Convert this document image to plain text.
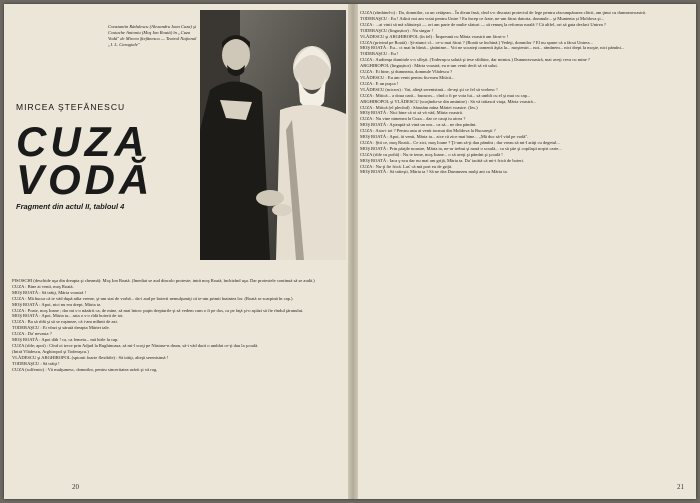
Constantin Rădulescu (Alexandru Ioan Cuza) şi Costache Antoniu (Moş Ion Roată) în „Cuza Vodă" de Mircea Ştefănescu — Teatrul Naţional „I. L. Caragiale"
MIRCEA ŞTEFĂNESCU
CUZA
VODĂ
Fragment din actul II, tabloul 4

PISOSCHI (deschide uşa din dreapta şi cheamă): Moş Ion Roată. (Imediat se aud dincolo proteste; intră moş Roată, închizînd uşa. Dar protestele continuă să se audă.)

CUZA : Bine ai venit, moş Roată.

MOŞ ROATĂ : Să trăiţi, Măria voastră !

CUZA : Mă bucur că te văd după atîta vreme, şi-am stat de vorbă... da-i aud pe boierii nemulţumiţi că te-am primit înaintea lor. (Roată se scarpină în cap.)

MOŞ ROATĂ : Apoi, nici nu era drept, Măria ta.

CUZA : Poate, moş Ioane ; dar mi s-o năzărit ca, de mine, să mai întorc puţin drepturile şi să vedem cum o fi pe dos, ca pe faţă şi-o aştăzi să fie rîndul ţăranului.

MOŞ ROATĂ : Apoi, Măria ta... asta o s-o rîdă boierii de tot.

CUZA : Ba să rîdă şi să se ruşineze, că i-am mîhnit de azi.

TODERAŞCU : Ei vînzi şi sărută dreapta Măriei tale.

CUZA : Da' nevasta ?

MOŞ ROATĂ : Apoi dăh ! ca, ca femeia... mă birle la cap.

CUZA (rîde; apoi) : Cînd oi trece prin Adjud la Rughinoasa, să mi-l scoţi pe Năstase-n drum, să-i văd dacă o umblat ce-ţi dau la şcoală.

(Intră Vlădescu, Arghiropol şi Toderaşcu.)

VLĂDESCU şi ARGHIROPOL (spionii foarte flexibile) : Să trăiţi, alteţă serenisimă !

TODERAŞCU : Să trăiţi !

CUZA (solfernic) : Vă mulţumesc, domnilor, pentru sinceritatea urării şi vă rog.

20

CUZA (zîmbind-o) : Da, domnilor, ca un cetăţean... În divan însă, cînd s-o discutat proiectul de lege pentru răscumpărarea clăcii, am ţinut cu dumneavoastră.

TODERAŞCU : Eu ! Adică noi am votat pentru Unire ! Eu încep ce frate, ne-am făcut datoria, domnule... şi Muntenia și Moldova şi...

CUZA : ...ai vinit să mă sfătuieşti — ori am parte de multe sfaturi — să renunţ la reforma rurală ? Că altfel, ori să gata desfaci Unirea ?

TODERAŞCU (lingușitor) : Nu singur !

VLĂDESCU şi ARGHIROPOL (în fel) : Împreună cu Măria voastră am făcut-o !

CUZA (privind pe Roată) : Şi-atunci cî... ce-o mai făcut ? (Roată se închină.) Vedeţi, domnilor ? El nu spune că a făcut Unirea...

MOŞ ROATĂ : Eu... ci mai în bîrnă... ţărănime... Voi ne scoateţi oamenii ăştia la... moşteniri... noi... rămînem... nici drept la moşie, nici pămînt...

TODERAŞCU : Eu !

CUZA : Audienţa dumitale s-o sfîrşit. (Toderaşcu salută şi iese sfidător, dar minios.) Dumneavoastră, mai aveţi ceva cu mine ?

ARGHIROPOL (lingușitor) : Măria voastră, eu n-am venit decît să vă salut.

CUZA : Ei bine, şi dumneata, domnule Vlădescu ?

VLĂDESCU : Eu am venit pentru fiu-meu Mitică...

CUZA : E un puşca !

VLĂDESCU (micros) : Vai, alteţă serenisimă... de-aşi şti ce fel să vorbesc !

CUZA : Mitică... a doua oară... bucuros... cînd o fi pe voia lui... să umbli cu el şi mai cu cap...

ARGHIROPOL şi VLĂDESCU (scoţîndu-se din amintire) : Să vă trăiască viaţa, Măria voastră...

CUZA : Mitică (el plecînd) : Sărutăm mîna Măriei voastre. (Ies.)

MOŞ ROATĂ : Nici bine că oi să vă văd, Măria voastră.

CUZA : Nu vine nimenea la Cuza... dar ce cauţi tu aicea ?

MOŞ ROATĂ : Aşteaptă să vină un om... ca să... ne dea pămînt.

CUZA : Asta-i tot ? Pentru asta ai venit tocmai din Moldova la Bucureşti ?

MOŞ ROATĂ : Apoi, ăi venit, Măria ta... zice că zice mai bine... „Mă duc să-l văd pe vodă".

CUZA : Ştii ce, moş Roată... Ce zici, moş Ioane ? Ţi-am să-ţi dau pămînt ; dar vreau să mi-l arăţi cu degetul...

MOŞ ROATĂ : Prin părţile noastre, Măria ta, ne-ar trebui şi nouă o scoală... ca să ştie şi copilaşii noştri carte...

CUZA (rîde cu poftă) : Nu te teme, moş Ioane... o să aveţi şi pămînt şi şcoală !

MOŞ ROATĂ : Iaca ş-acu dar nu mai am grijă, Măria ta. Da' iacătă că mi-i frică de boieri.

CUZA : Nu-ţi fie frică. Las' că mă port eu de grijă.

MOŞ ROATĂ : Să trăieşti, Măria ta ! Să ne dea Dumnezeu mulţi ani cu Măria ta.

21
